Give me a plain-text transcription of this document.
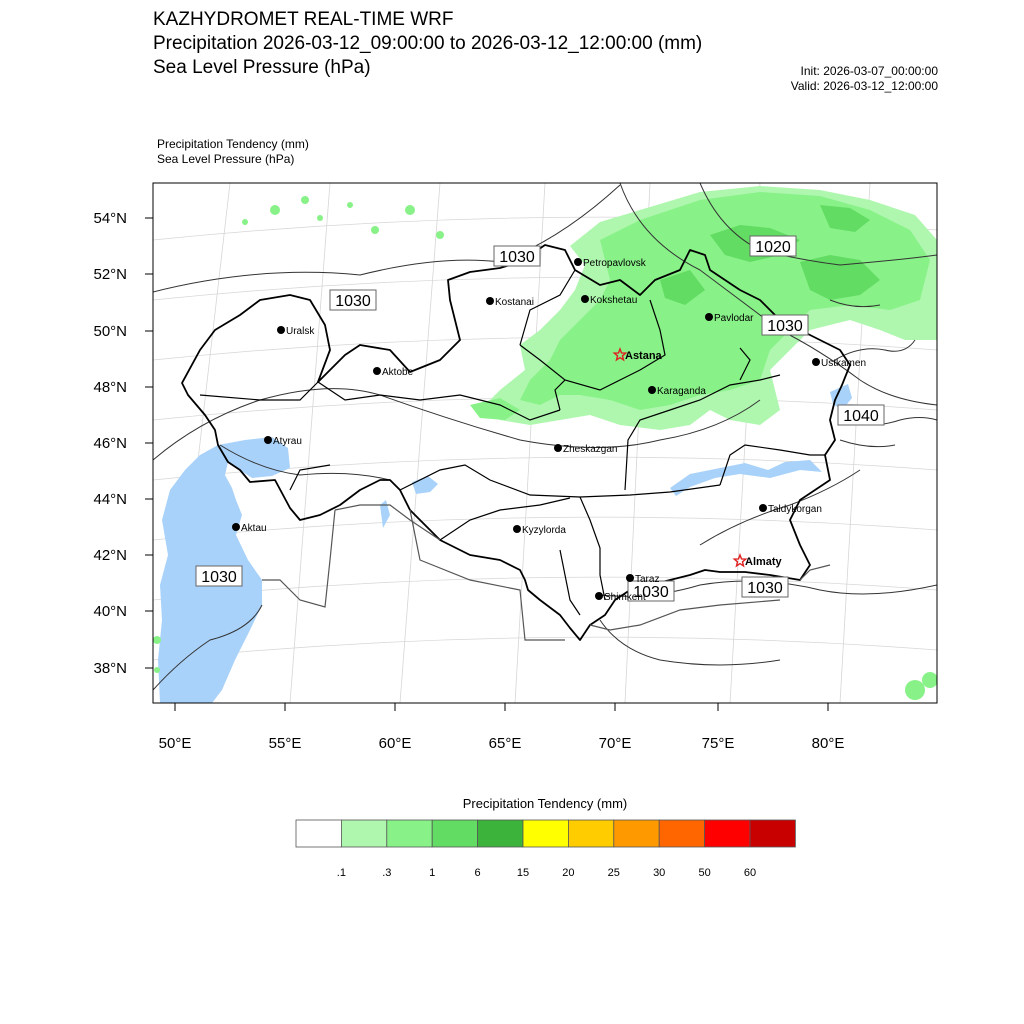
KAZHYDROMET REAL-TIME WRF
Precipitation 2026-03-12_09:00:00 to 2026-03-12_12:00:00 (mm)
Sea Level Pressure (hPa)	Init: 2026-03-07_00:00:00
Valid: 2026-03-12_12:00:00
Precipitation Tendency (mm)
Sea Level Pressure (hPa)
54°N
52°N
50°N
48°N
46°N
44°N
42°N
40°N
38°N
50°E	55°E	60°E	65°E	70°E	75°E	80°E
1030
1030
1020
1030
1040
1030
1030	1030
Petropavlovsk
Kostanai	Kokshetau
Uralsk
Pavlodar
Astana
Aktobe
Ustkamen
Karaganda
Atyrau
Zheskazgan
Taldykorgan
Aktau	Kyzylorda
Almaty
Taraz
Shimkent
Precipitation Tendency (mm)
.1	.3	1	6	15	20	25	30	50	60
